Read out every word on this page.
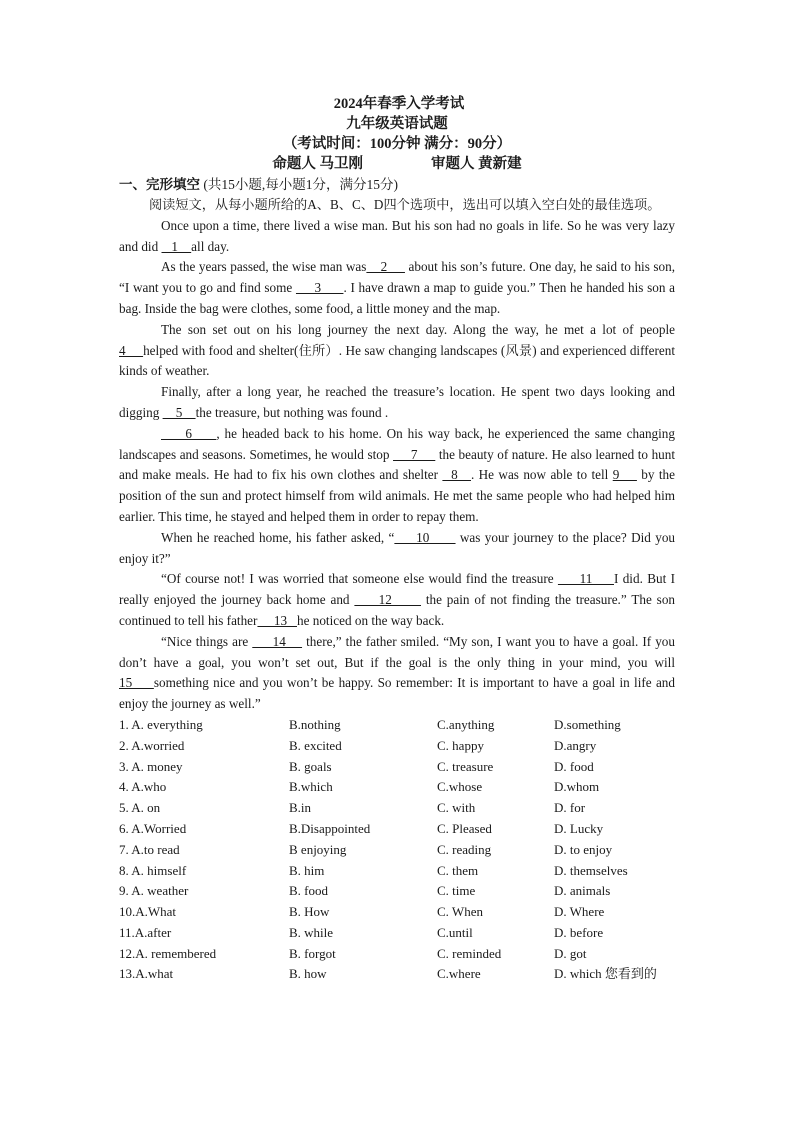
2024年春季入学考试
九年级英语试题
（考试时间：100分钟 满分：90分）
命题人 马卫刚	审题人 黄新建
一、完形填空 (共15小题,每小题1分，满分15分)

阅读短文，从每小题所给的A、B、C、D四个选项中，选出可以填入空白处的最佳选项。

Once upon a time, there lived a wise man. But his son had no goals in life. So he was very lazy and did    1    all day.

As the years passed, the wise man was    2      about his son’s future. One day, he said to his son, “I want you to go and find some      3      . I have drawn a map to guide you.” Then he handed his son a bag. Inside the bag were clothes, some food, a little money and the map.

The son set out on his long journey the next day. Along the way, he met a lot of people 4     helped with food and shelter(住所）. He saw changing landscapes (风景) and experienced different kinds of weather.

Finally, after a long year, he reached the treasure’s location. He spent two days looking and digging     5    the treasure, but nothing was found .

6     , he headed back to his home. On his way back, he experienced the same changing landscapes and seasons. Sometimes, he would stop      7      the beauty of nature. He also learned to hunt and make meals. He had to fix his own clothes and shelter   8   . He was now able to tell 9     by the position of the sun and protect himself from wild animals. He met the same people who had helped him earlier. This time, he stayed and helped them in order to repay them.

When he reached home, his father asked, “     10       was your journey to the place? Did you enjoy it?”

“Of course not! I was worried that someone else would find the treasure      11     I did. But I really enjoyed the journey back home and      12       the pain of not finding the treasure.” The son continued to tell his father     13   he noticed on the way back.

“Nice things are      14     there,” the father smiled. “My son, I want you to have a goal. If you don’t have a goal, you won’t set out, But if the goal is the only thing in your mind, you will 15     something nice and you won’t be happy. So remember: It is important to have a goal in life and enjoy the journey as well.”

1. A. everything	B.nothing	C.anything	D.something
2. A.worried	B. excited	C. happy	D.angry
3. A. money	B. goals	C. treasure	D. food
4. A.who	B.which	C.whose	D.whom
5. A. on	B.in	C. with	D. for
6. A.Worried	B.Disappointed	C. Pleased	D. Lucky
7. A.to read	B enjoying	C. reading	D. to enjoy
8. A. himself	B. him	C. them	D. themselves
9. A. weather	B. food	C. time	D. animals
10.A.What	B. How	C. When	D. Where
11.A.after	B. while	C.until	D. before
12.A. remembered	B. forgot	C. reminded	D. got
13.A.what	B. how	C.where	D. which 您看到的
